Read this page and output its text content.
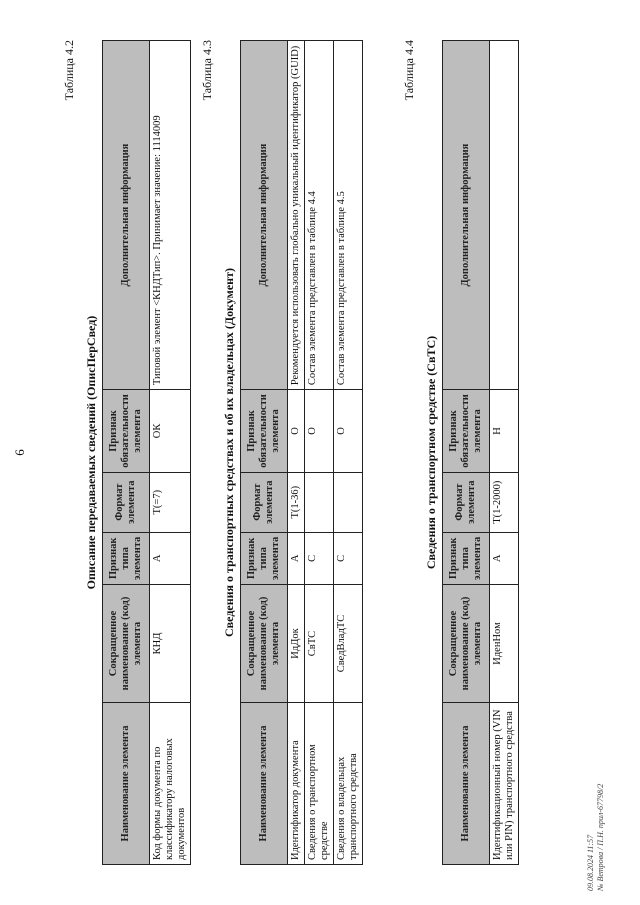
6
Таблица 4.2
Описание передаваемых сведений (ОписПерСвед)
Наименование элемента	Сокращенное наименование (код) элемента	Признак типа элемента	Формат элемента	Признак обязательности элемента	Дополнительная информация
Код формы документа по классификатору налоговых документов	КНД	А	T(=7)	ОК	Типовой элемент <КНДТип>. Принимает значение: 1114009
Таблица 4.3
Сведения о транспортных средствах и об их владельцах (Документ)
Наименование элемента	Сокращенное наименование (код) элемента	Признак типа элемента	Формат элемента	Признак обязательности элемента	Дополнительная информация
Идентификатор документа	ИдДок	А	T(1-36)	О	Рекомендуется использовать глобально уникальный идентификатор (GUID)
Сведения о транспортном средстве	СвТС	С		О	Состав элемента представлен в таблице 4.4
Сведения о владельцах транспортного средства	СведВладТС	С		О	Состав элемента представлен в таблице 4.5
Таблица 4.4
Сведения о транспортном средстве (СвТС)
Наименование элемента	Сокращенное наименование (код) элемента	Признак типа элемента	Формат элемента	Признак обязательности элемента	Дополнительная информация
Идентификационный номер (VIN или PIN) транспортного средства	ИденНом	А	T(1-2000)	Н	
09.08.2024 11:57 № Ветрова / П.Н. прил-67798/2
